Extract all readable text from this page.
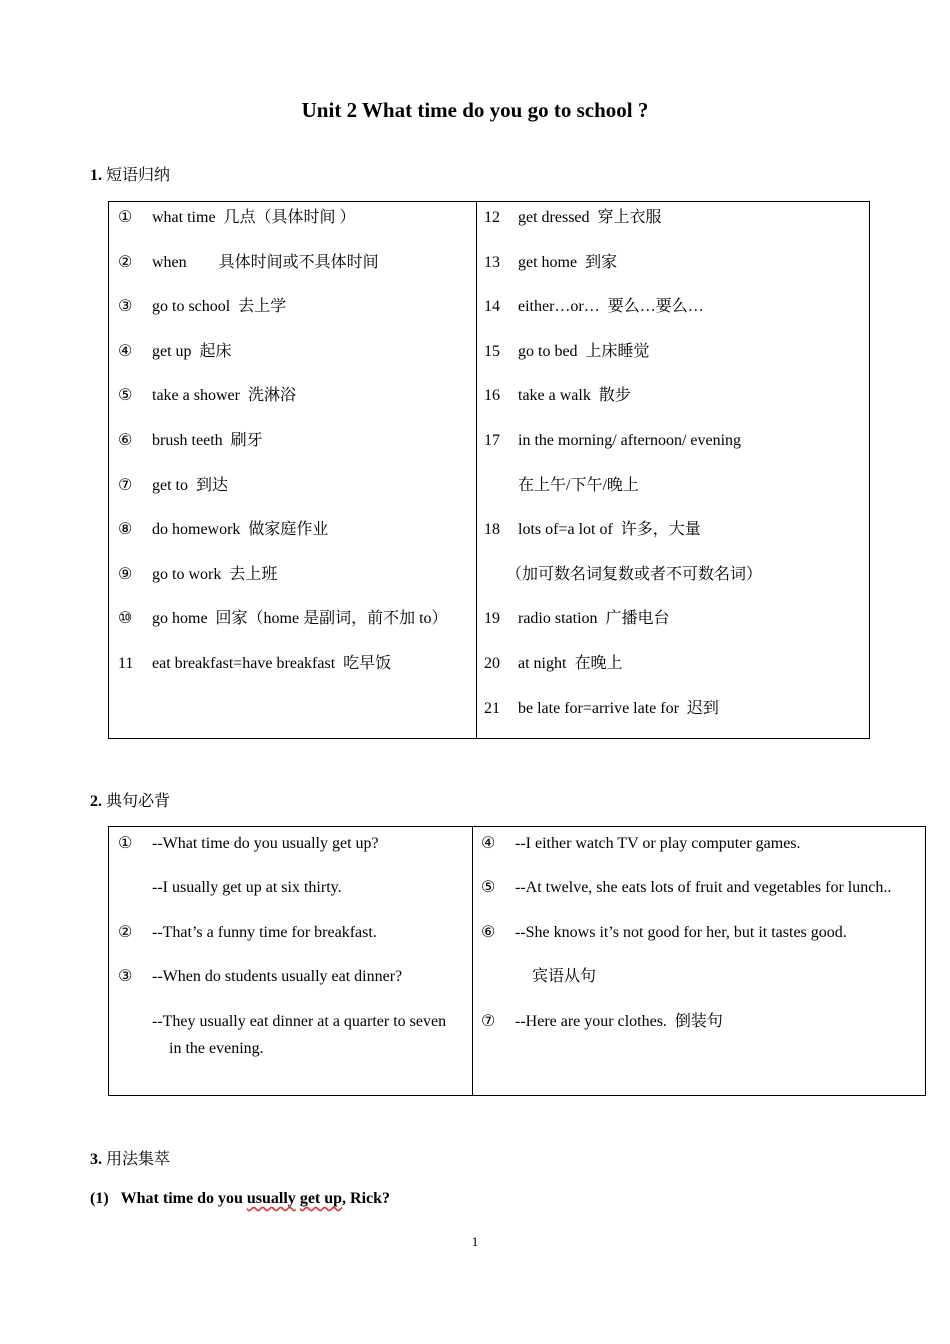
Unit 2 What time do you go to school ?
1. 短语归纳
① what time  几点（具体时间 ）
② when        具体时间或不具体时间
③ go to school  去上学
④ get up  起床
⑤ take a shower  洗淋浴
⑥ brush teeth  刷牙
⑦ get to  到达
⑧ do homework  做家庭作业
⑨ go to work  去上班
⑩ go home  回家（home 是副词，前不加 to）
11 eat breakfast=have breakfast  吃早饭
12 get dressed  穿上衣服
13 get home  到家
14 either…or…  要么…要么…
15 go to bed  上床睡觉
16 take a walk  散步
17 in the morning/ afternoon/ evening
在上午/下午/晚上
18 lots of=a lot of  许多，大量
（加可数名词复数或者不可数名词）
19 radio station  广播电台
20 at night  在晚上
21 be late for=arrive late for  迟到
2. 典句必背
① --What time do you usually get up?
--I usually get up at six thirty.
② --That’s a funny time for breakfast.
③ --When do students usually eat dinner?
--They usually eat dinner at a quarter to seven
in the evening.
④ --I either watch TV or play computer games.
⑤ --At twelve, she eats lots of fruit and vegetables for lunch..
⑥ --She knows it’s not good for her, but it tastes good.
宾语从句
⑦ --Here are your clothes.  倒装句
3. 用法集萃
(1) What time do you usually get up, Rick?
1
